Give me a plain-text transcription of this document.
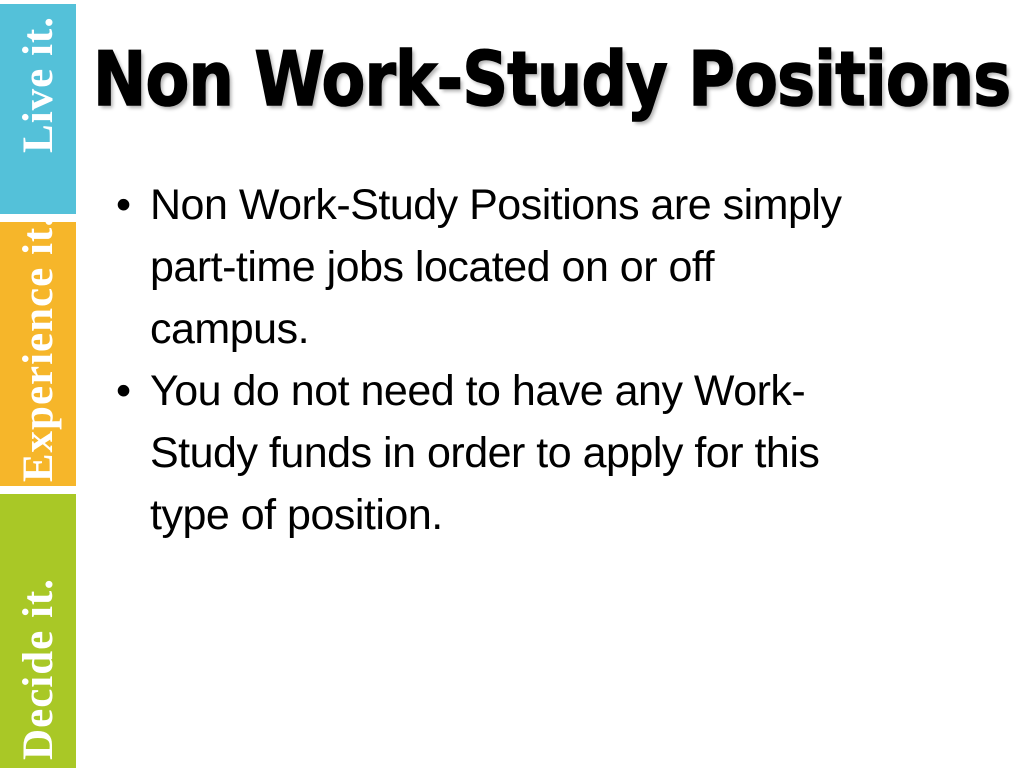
Live it.
Experience it.
Decide it.
Non Work-Study Positions
• Non Work-Study Positions are simply
part-time jobs located on or off
campus.
• You do not need to have any Work-
Study funds in order to apply for this
type of position.
